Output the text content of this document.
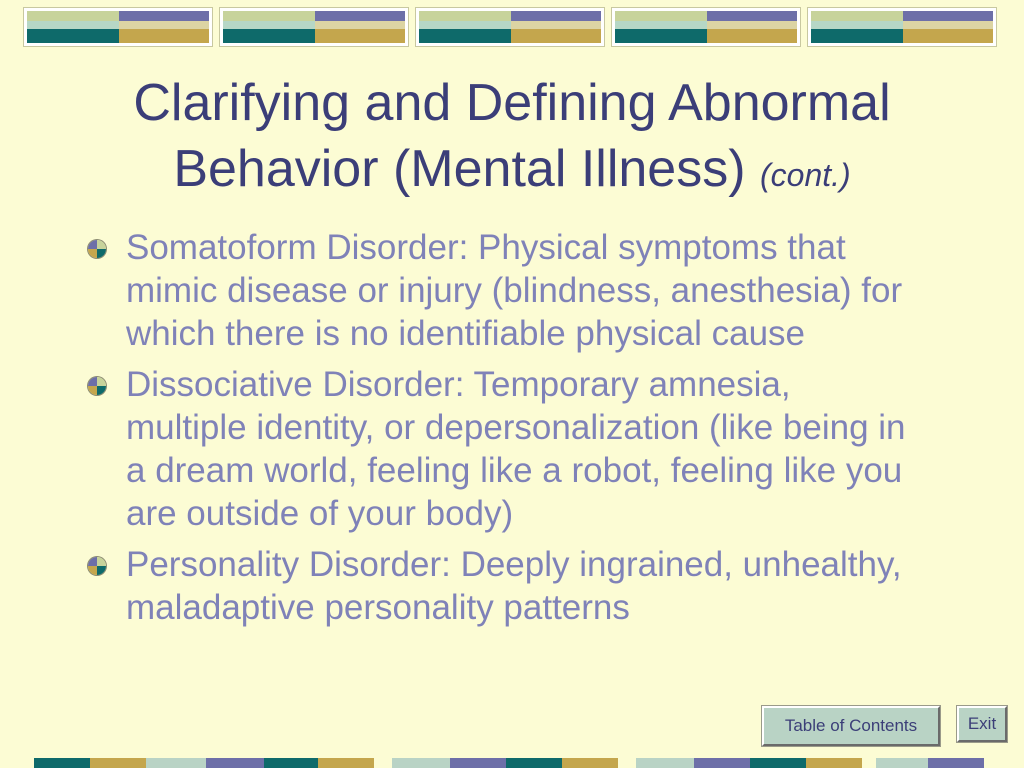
Clarifying and Defining Abnormal Behavior (Mental Illness) (cont.)
Somatoform Disorder: Physical symptoms that mimic disease or injury (blindness, anesthesia) for which there is no identifiable physical cause
Dissociative Disorder: Temporary amnesia, multiple identity, or depersonalization (like being in a dream world, feeling like a robot, feeling like you are outside of your body)
Personality Disorder: Deeply ingrained, unhealthy, maladaptive personality patterns
Table of Contents	Exit
